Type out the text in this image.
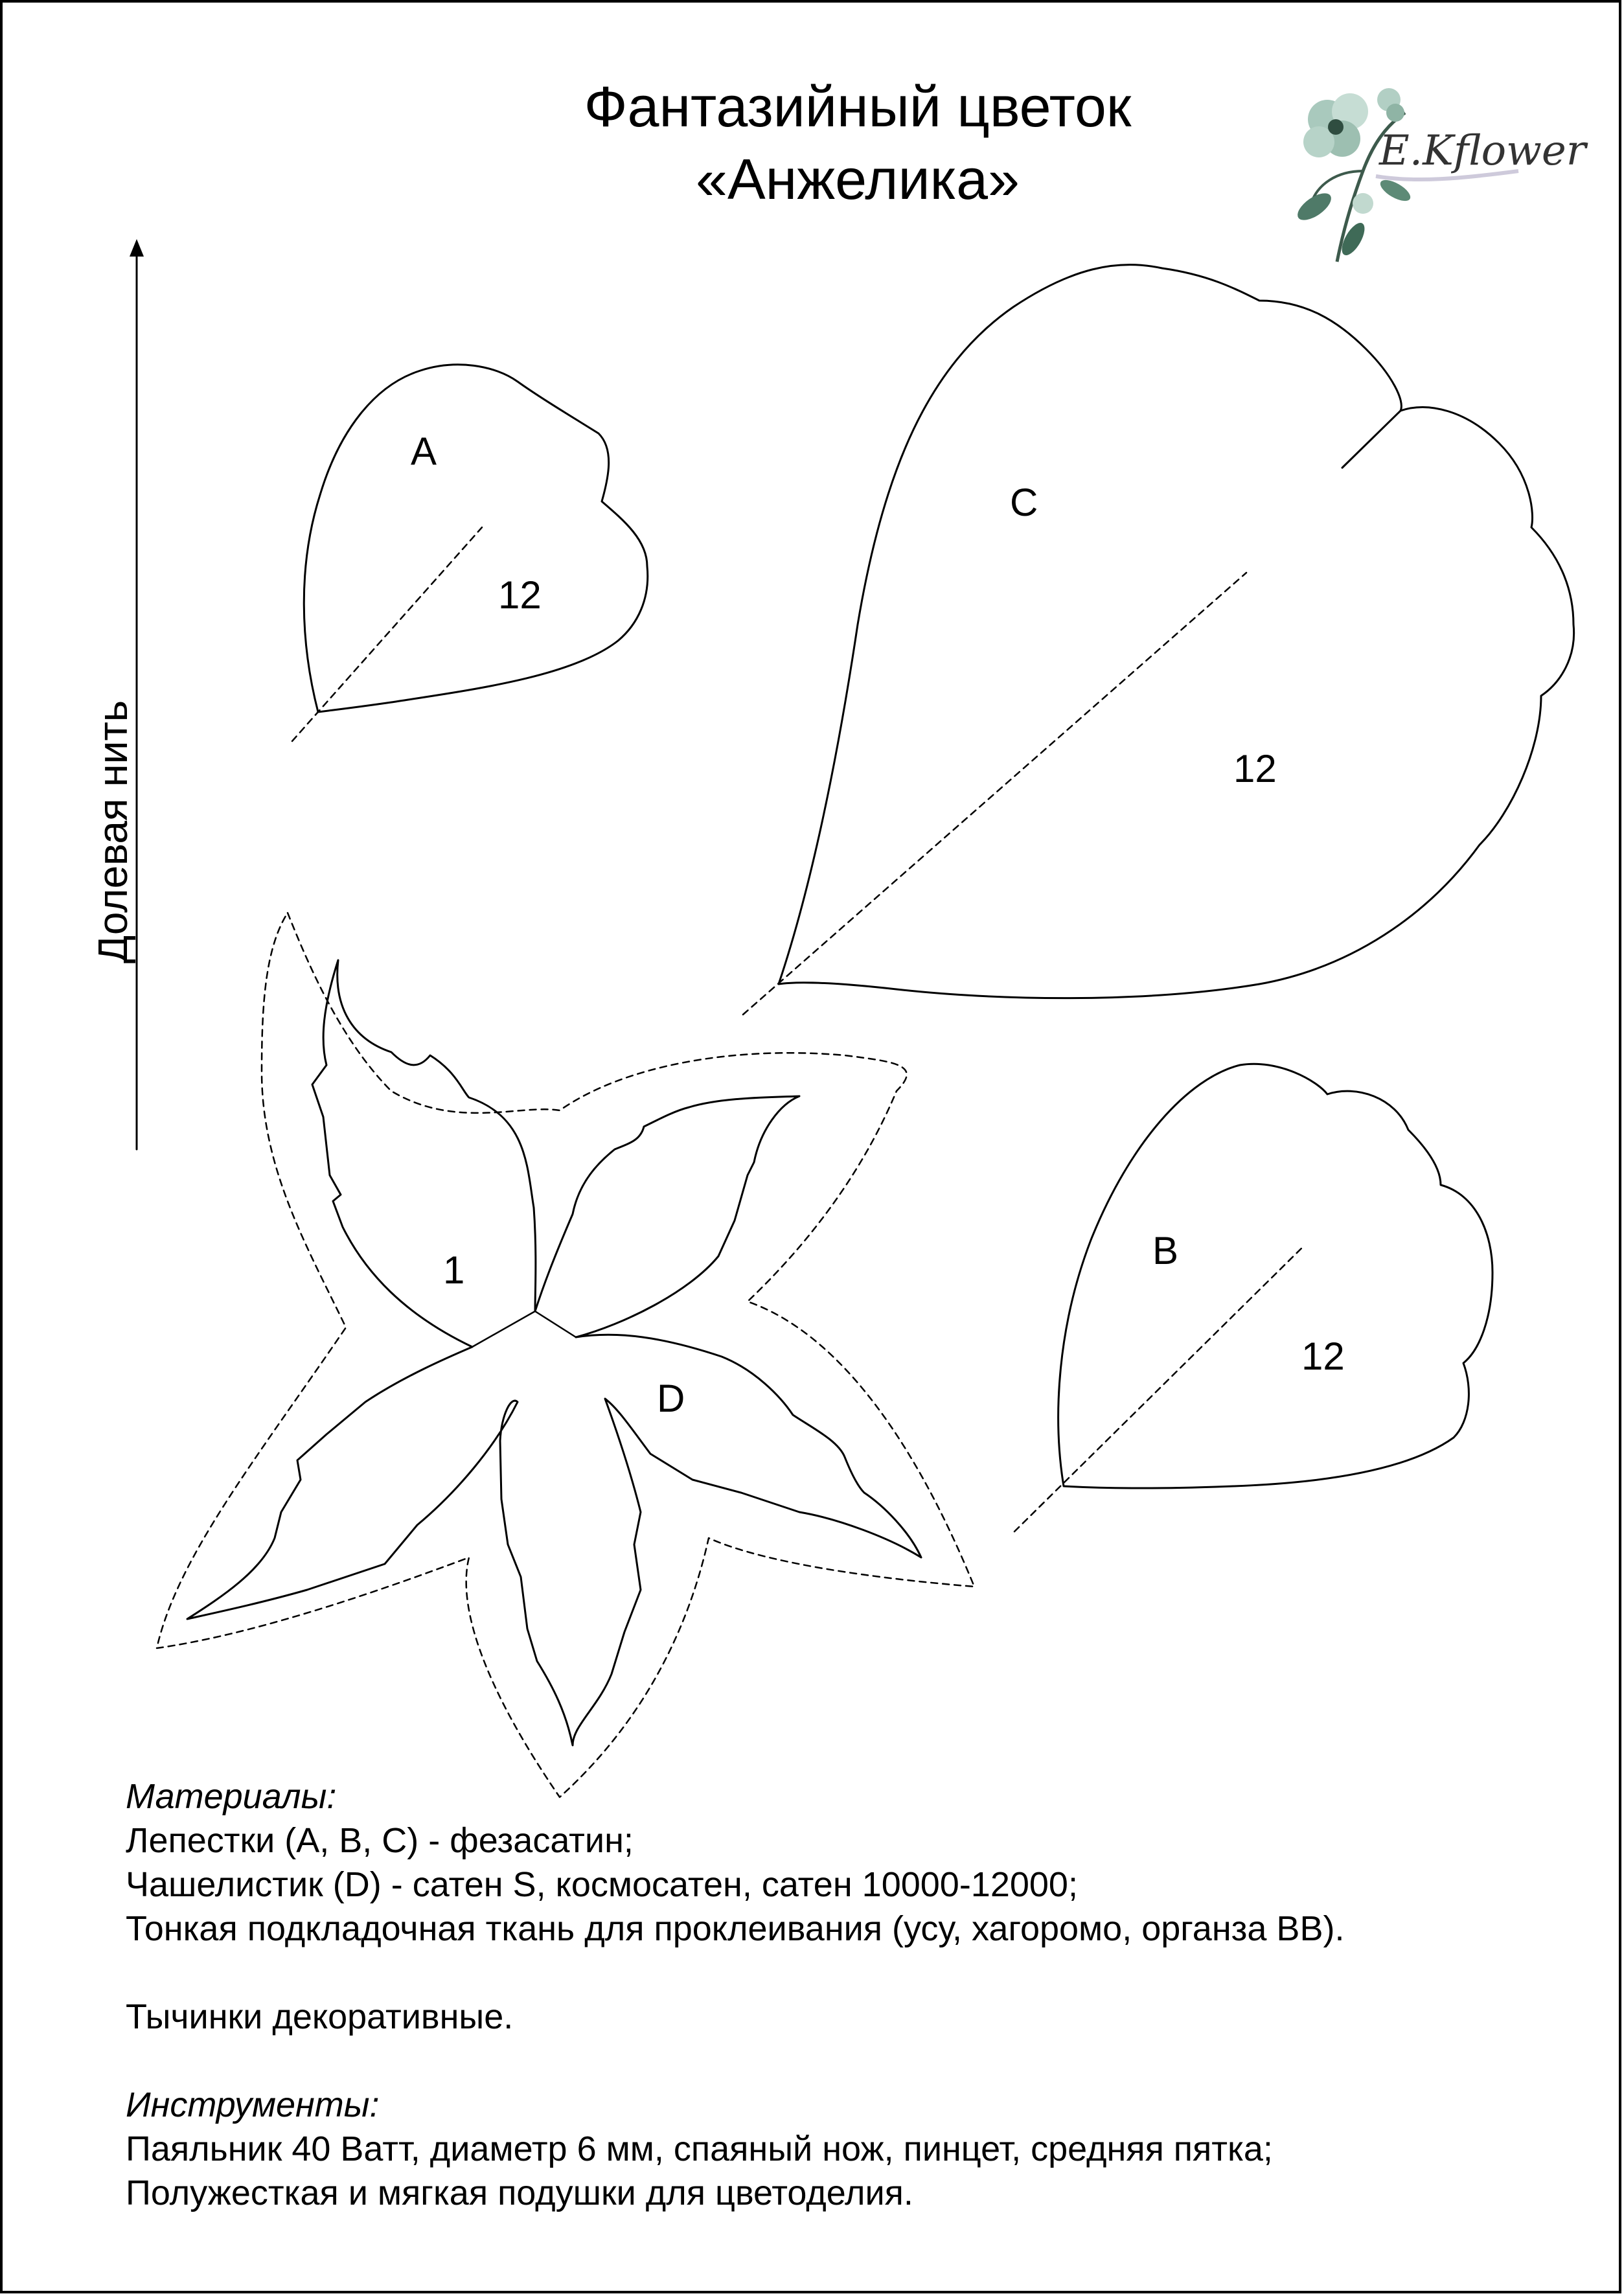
Фантазийный цветок
«Анжелика»	E.Kflower
Долевая нить
A
12
C
12
B
12
1
D

Материалы:

Лепестки (A, B, C) - фезасатин;

Чашелистик (D) - сатен S, космосатен, сатен 10000-12000;

Тонкая подкладочная ткань для проклеивания (усу, хагоромо, органза BB).

Тычинки декоративные.

Инструменты:

Паяльник 40 Ватт, диаметр 6 мм, спаяный нож, пинцет, средняя пятка;

Полужесткая и мягкая подушки для цветоделия.
